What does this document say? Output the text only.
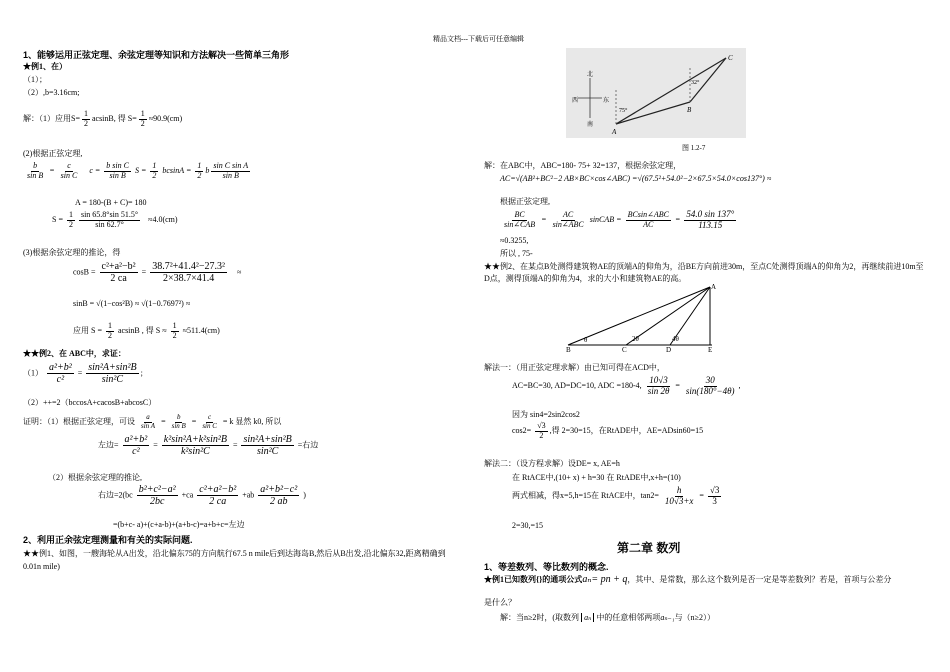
精品文档---下载后可任意编辑
1、能够运用正弦定理、余弦定理等知识和方法解决一些简单三角形
★例1、在）
（1）；
（2）,b=3.16cm;
解：（1）应用$S= \frac{1}{2} acsinB$, 得 $S= \frac{1}{2} \approx 90.9(cm)$
(2)根据正弦定理,
$\frac{b}{\text{sin B}} = \frac{c}{\text{sin C}}$ $c = \frac{\text{b sin C}}{\text{sin B}}$ $S = \frac{1}{2}$ $bcsinA = \frac{1}{2}$ b $\frac{\text{sin C sin A}}{\text{sin B}}$
A = 180-(B + C)= 180
$S = \frac{1}{2} \frac{\sin 65.8^\circ\sin 51.5^\circ}{\sin 62.7^\circ} \approx 4.0(cm)$
(3)根据余弦定理的推论，得
$\cos B = \frac{\text{c²+a²−b²}}{2 ca} = \frac{\text{38.7²+41.4²−27.3²}}{2\times 38.7\times 41.4}$ ≈
sinB = √(1−cos²B) ≈ √(1−0.7697²) ≈
应用 $S = \frac{1}{2}$ acsinB , 得 $S \approx \frac{1}{2} \approx 511.4(cm)$
★★例2、在 ABC中，求证：
$(1) \frac{\text{a²+b²}}{\text{c²}} = \frac{\text{sin²A+sin²B}}{\text{sin²C}}$ ;
（2）++=2（bccosA+cacosB+abcosC）
证明：（1）根据正弦定理，可设 $\frac{a}{\text{sin A}} = \frac{b}{\text{sin B}} = \frac{c}{\text{sin C}} = k$ 显然 k0, 所以
左边= $\frac{\text{a²+b²}}{\text{c²}} = \frac{\text{k²sin²A+k²sin²B}}{\text{k²sin²C}} = \frac{\text{sin²A+sin²B}}{\text{sin²C}}$ =右边
（2）根据余弦定理的推论,
右边$=2(bc \frac{\text{b²+c²−a²}}{2bc} +ca \frac{\text{c²+a²−b²}}{2 ca} +ab \frac{\text{a²+b²−c²}}{2 ab}$ )
=(b+c- a)+(c+a-b)+(a+b-c)=a+b+c=左边
2、利用正余弦定理测量和有关的实际问题.
★★例1、如图，一艘海轮从A出发，沿北偏东75的方向航行67.5 n mile后到达海岛B,然后从B出发,沿北偏东32,距离精确到0.01n mile)
北
西	东
南
75°
32°
A
B
C
图 1.2-7
解：在ABC中，ABC=180- 75+ 32=137，根据余弦定理，
AC=√(AB²+BC²−2 AB×BC×cos∠ABC) =√(67.5²+54.0²−2×67.5×54.0×cos137°) ≈
根据正弦定理,
$\frac{BC}{\text{sin∠CAB}} = \frac{AC}{\text{sin∠ABC}}$ sinCAB = $\frac{\text{BCsin∠ABC}}{AC} = \frac{54.0 \sin 137^\circ}{113.15}$
≈0.3255,
所以 , 75-
★★例2、在某点B处测得建筑物AE的顶端A的仰角为，沿BE方向前进30m，至点C处测得顶端A的仰角为2，再继续前进10m至D点，测得顶端A的仰角为4，求的大小和建筑物AE的高。
A
B	C	D	E
θ	2θ	4θ
解法一：（用正弦定理求解）由已知可得在ACD中，
AC=BC=30, AD=DC=10, ADC =180-4, $\frac{10√3}{\sin 2\theta} = \frac{30}{\sin(180^\circ-4\theta)}$ ,
因为 sin4=2sin2cos2
$\cos 2= \frac{√3}{2}$ ,得 2=30=15，在RtADE中，AE=ADsin60=15
解法二：（设方程求解）设DE= x, AE=h
在 RtACE中,(10+ x) + h=30 在 RtADE中,x+h=(10)
两式相减，得x=5,h=15在 RtACE中，$\tan 2= \frac{h}{10√3+x} = \frac{√3}{3}$
2=30,=15
第二章 数列
1、等差数列、等比数列的概念.
★例1已知数列{}的通项公式aₙ= pn + q，其中、是常数，那么这个数列是否一定是等差数列？若是，首项与公差分
是什么？
解：当n≥2时，(取数列 aₙ 中的任意相邻两项aₙ₋₁与（n≥2））
